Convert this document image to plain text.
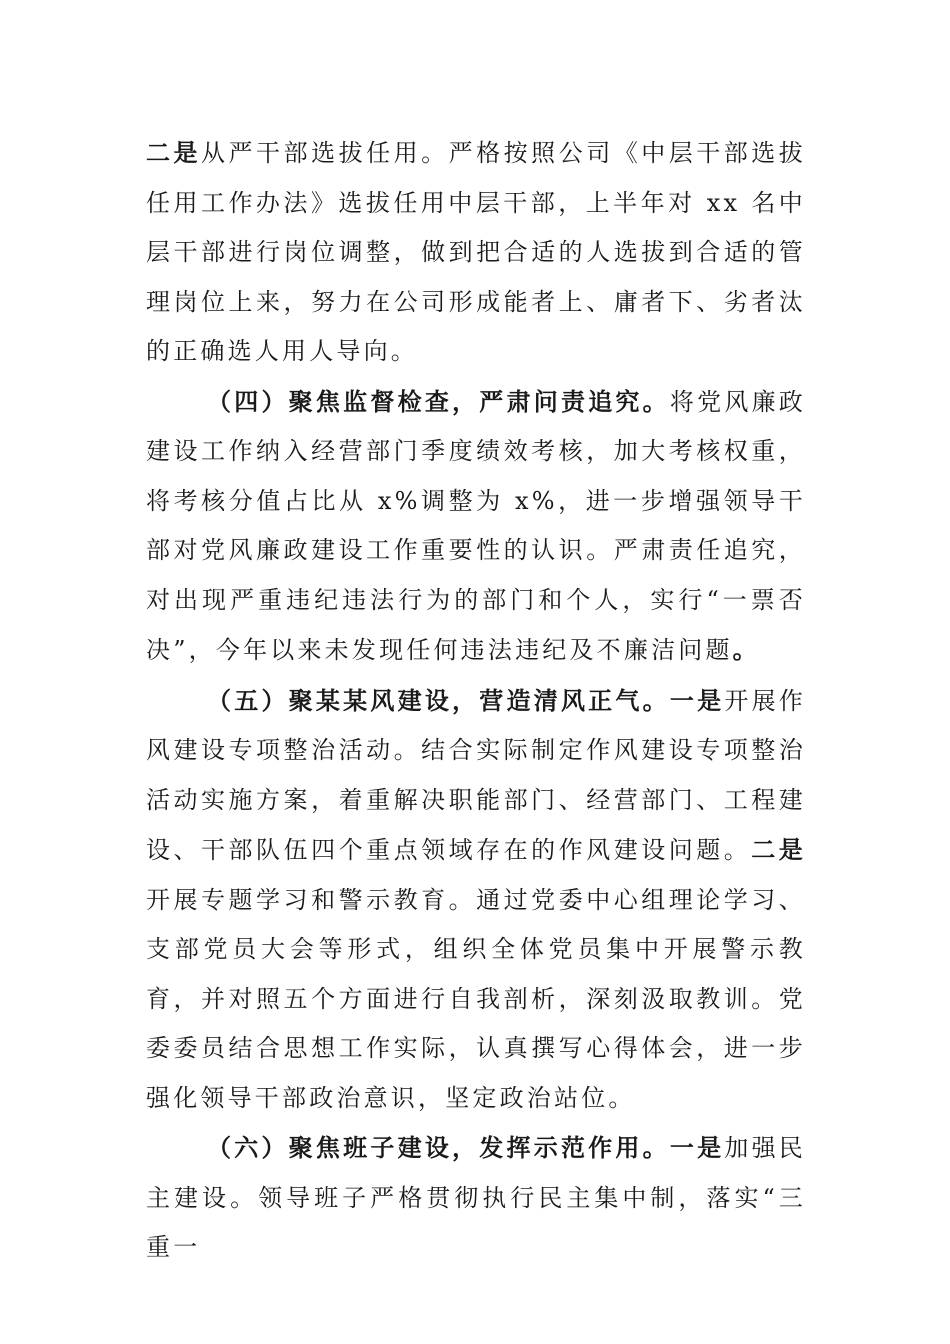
二是从严干部选拔任用。严格按照公司《中层干部选拔任用工作办法》选拔任用中层干部，上半年对 xx 名中层干部进行岗位调整，做到把合适的人选拔到合适的管理岗位上来，努力在公司形成能者上、庸者下、劣者汰的正确选人用人导向。

（四）聚焦监督检查，严肃问责追究。将党风廉政建设工作纳入经营部门季度绩效考核，加大考核权重，将考核分值占比从 x%调整为 x%，进一步增强领导干部对党风廉政建设工作重要性的认识。严肃责任追究，对出现严重违纪违法行为的部门和个人，实行“一票否决”，今年以来未发现任何违法违纪及不廉洁问题。

（五）聚某某风建设，营造清风正气。一是开展作风建设专项整治活动。结合实际制定作风建设专项整治活动实施方案，着重解决职能部门、经营部门、工程建设、干部队伍四个重点领域存在的作风建设问题。二是开展专题学习和警示教育。通过党委中心组理论学习、支部党员大会等形式，组织全体党员集中开展警示教育，并对照五个方面进行自我剖析，深刻汲取教训。党委委员结合思想工作实际，认真撰写心得体会，进一步强化领导干部政治意识，坚定政治站位。

（六）聚焦班子建设，发挥示范作用。一是加强民主建设。领导班子严格贯彻执行民主集中制，落实“三重一
